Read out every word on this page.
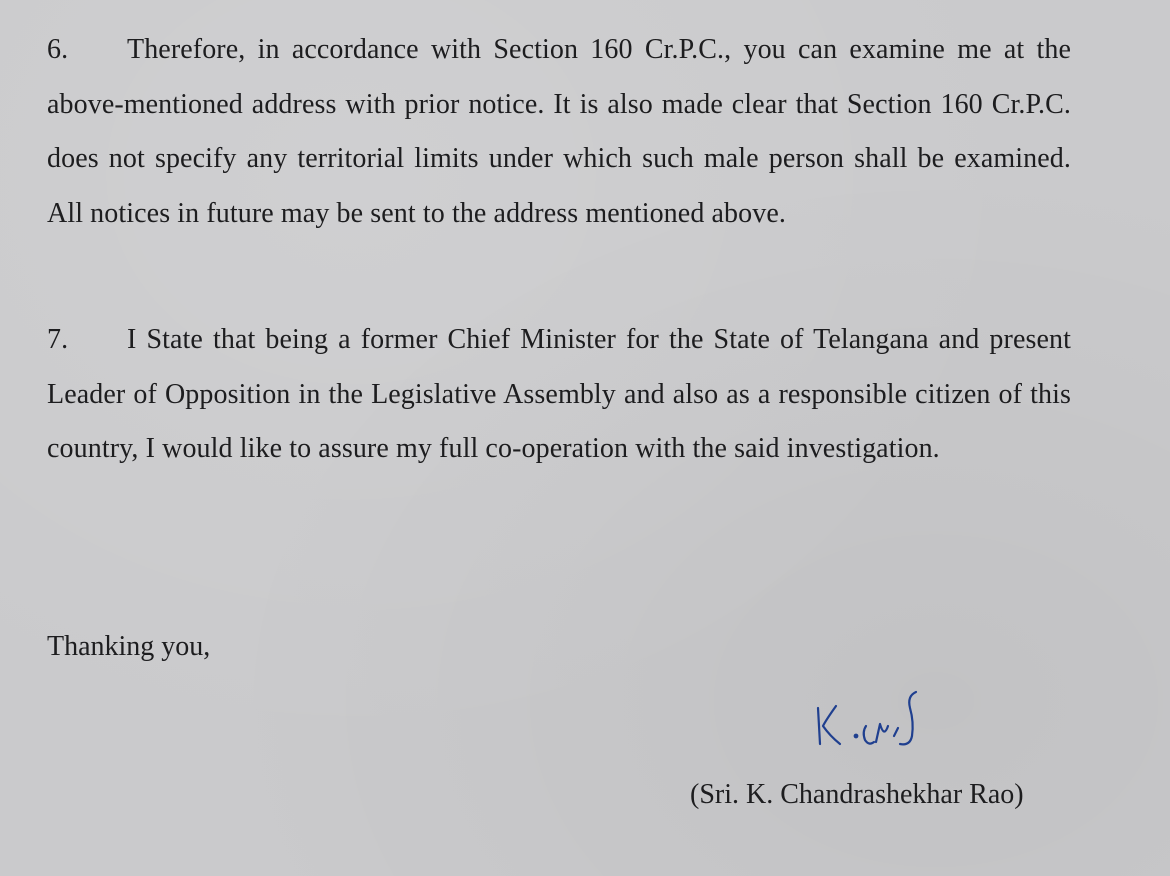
6. Therefore, in accordance with Section 160 Cr.P.C., you can examine me at the above-mentioned address with prior notice. It is also made clear that Section 160 Cr.P.C. does not specify any territorial limits under which such male person shall be examined. All notices in future may be sent to the address mentioned above.

7. I State that being a former Chief Minister for the State of Telangana and present Leader of Opposition in the Legislative Assembly and also as a responsible citizen of this country, I would like to assure my full co-operation with the said investigation.

Thanking you,
(Sri. K. Chandrashekhar Rao)
